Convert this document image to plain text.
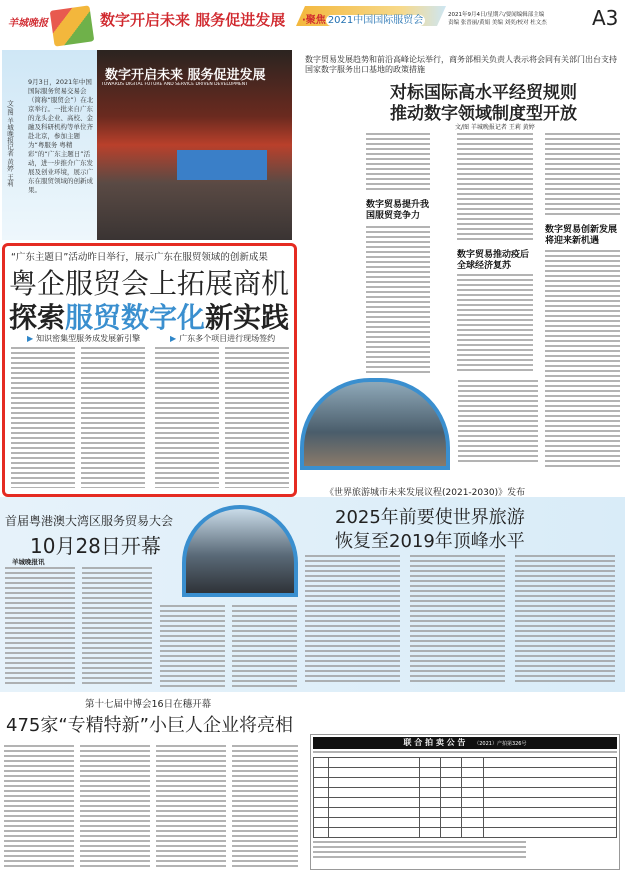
羊城晚报	数字开启未来 服务促进发展 ·聚焦 2021中国国际服贸会	2021年9月4日/星期六/要闻编辑部主编
责编 张晋丽/黄娟 美编 刘奕/校对 杜文杰 A3
文/图 羊城晚报记者 黄婷 王莉
9月3日，2021年中国国际服务贸易交易会（简称“服贸会”）在北京举行。一批来自广东的龙头企业、高校、金融及科研机构等单位齐赴北京，参加主题为“粤服务 粤精彩”的“广东主题日”活动，进一步推介广东发展及创业环境，展示广东在服贸领域的创新成果。
数字开启未来 服务促进发展
TOWARDS DIGITAL FUTURE AND SERVICE DRIVEN DEVELOPMENT
“广东主题日”活动昨日举行，展示广东在服贸领域的创新成果
粤企服贸会上拓展商机
探索服贸数字化新实践
▶ 知识密集型服务成发展新引擎	▶ 广东多个项目进行现场签约
数字贸易发展趋势和前沿高峰论坛举行，商务部相关负责人表示将会同有关部门出台支持国家数字服务出口基地的政策措施
对标国际高水平经贸规则
推动数字领域制度型开放
文/图 羊城晚报记者 王莉 黄婷
数字贸易提升我国服贸竞争力
数字贸易推动疫后全球经济复苏
数字贸易创新发展将迎来新机遇
《世界旅游城市未来发展议程(2021-2030)》发布
2025年前要使世界旅游
恢复至2019年顶峰水平
首届粤港澳大湾区服务贸易大会
10月28日开幕
羊城晚报讯
第十七届中博会16日在穗开幕
475家“专精特新”小巨人企业将亮相
联 合 拍 卖 公 告 （2021）产拍第326号
